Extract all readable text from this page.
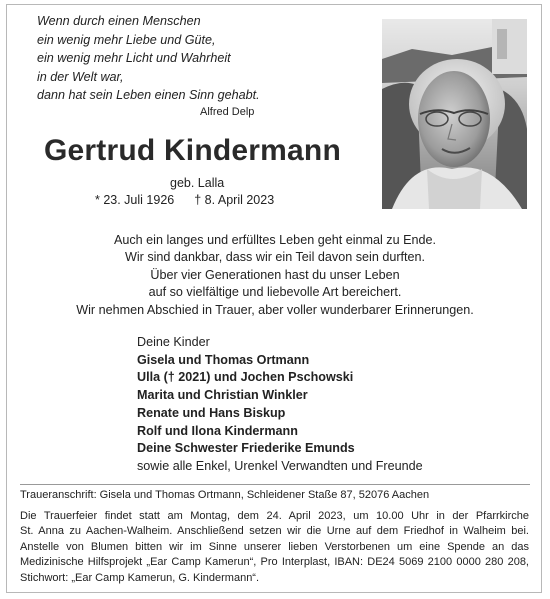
Wenn durch einen Menschen
ein wenig mehr Liebe und Güte,
ein wenig mehr Licht und Wahrheit
in der Welt war,
dann hat sein Leben einen Sinn gehabt.
Alfred Delp
Gertrud Kindermann
geb. Lalla
* 23. Juli 1926 † 8. April 2023
Auch ein langes und erfülltes Leben geht einmal zu Ende.
Wir sind dankbar, dass wir ein Teil davon sein durften.
Über vier Generationen hast du unser Leben
auf so vielfältige und liebevolle Art bereichert.
Wir nehmen Abschied in Trauer, aber voller wunderbarer Erinnerungen.
Deine Kinder
Gisela und Thomas Ortmann
Ulla († 2021) und Jochen Pschowski
Marita und Christian Winkler
Renate und Hans Biskup
Rolf und Ilona Kindermann
Deine Schwester Friederike Emunds
sowie alle Enkel, Urenkel Verwandten und Freunde
Traueranschrift: Gisela und Thomas Ortmann, Schleidener Staße 87, 52076 Aachen
Die Trauerfeier findet statt am Montag, dem 24. April 2023, um 10.00 Uhr in der Pfarrkirche
St. Anna zu Aachen-Walheim. Anschließend setzen wir die Urne auf dem Friedhof in Walheim bei.
Anstelle von Blumen bitten wir im Sinne unserer lieben Verstorbenen um eine Spende an das
Medizinische Hilfsprojekt „Ear Camp Kamerun“, Pro Interplast, IBAN: DE24 5069 2100 0000 280 208,
Stichwort: „Ear Camp Kamerun, G. Kindermann“.
